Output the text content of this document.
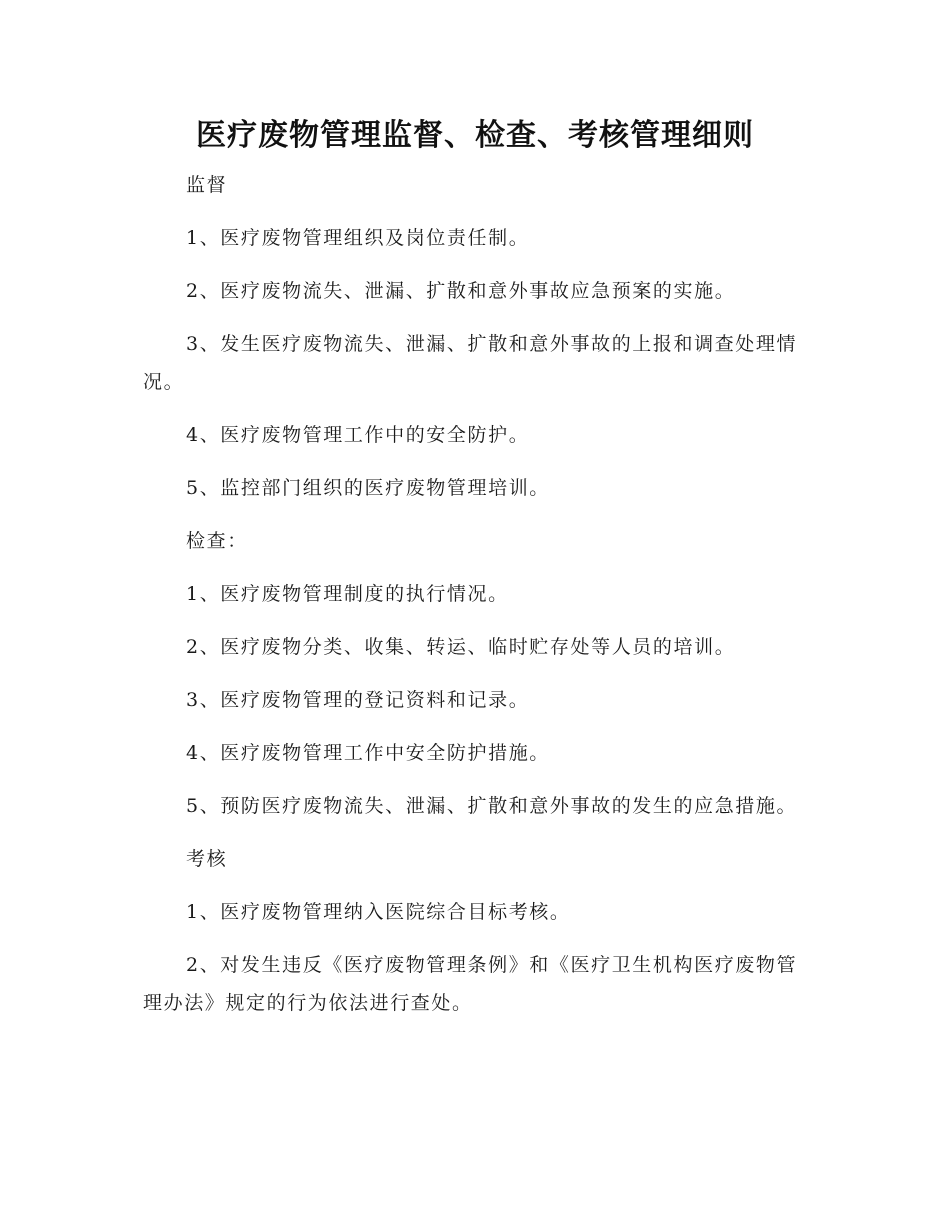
医疗废物管理监督、检查、考核管理细则

监督

1、医疗废物管理组织及岗位责任制。

2、医疗废物流失、泄漏、扩散和意外事故应急预案的实施。

3、发生医疗废物流失、泄漏、扩散和意外事故的上报和调查处理情况。

4、医疗废物管理工作中的安全防护。

5、监控部门组织的医疗废物管理培训。

检查：

1、医疗废物管理制度的执行情况。

2、医疗废物分类、收集、转运、临时贮存处等人员的培训。

3、医疗废物管理的登记资料和记录。

4、医疗废物管理工作中安全防护措施。

5、预防医疗废物流失、泄漏、扩散和意外事故的发生的应急措施。

考核

1、医疗废物管理纳入医院综合目标考核。

2、对发生违反《医疗废物管理条例》和《医疗卫生机构医疗废物管理办法》规定的行为依法进行查处。
